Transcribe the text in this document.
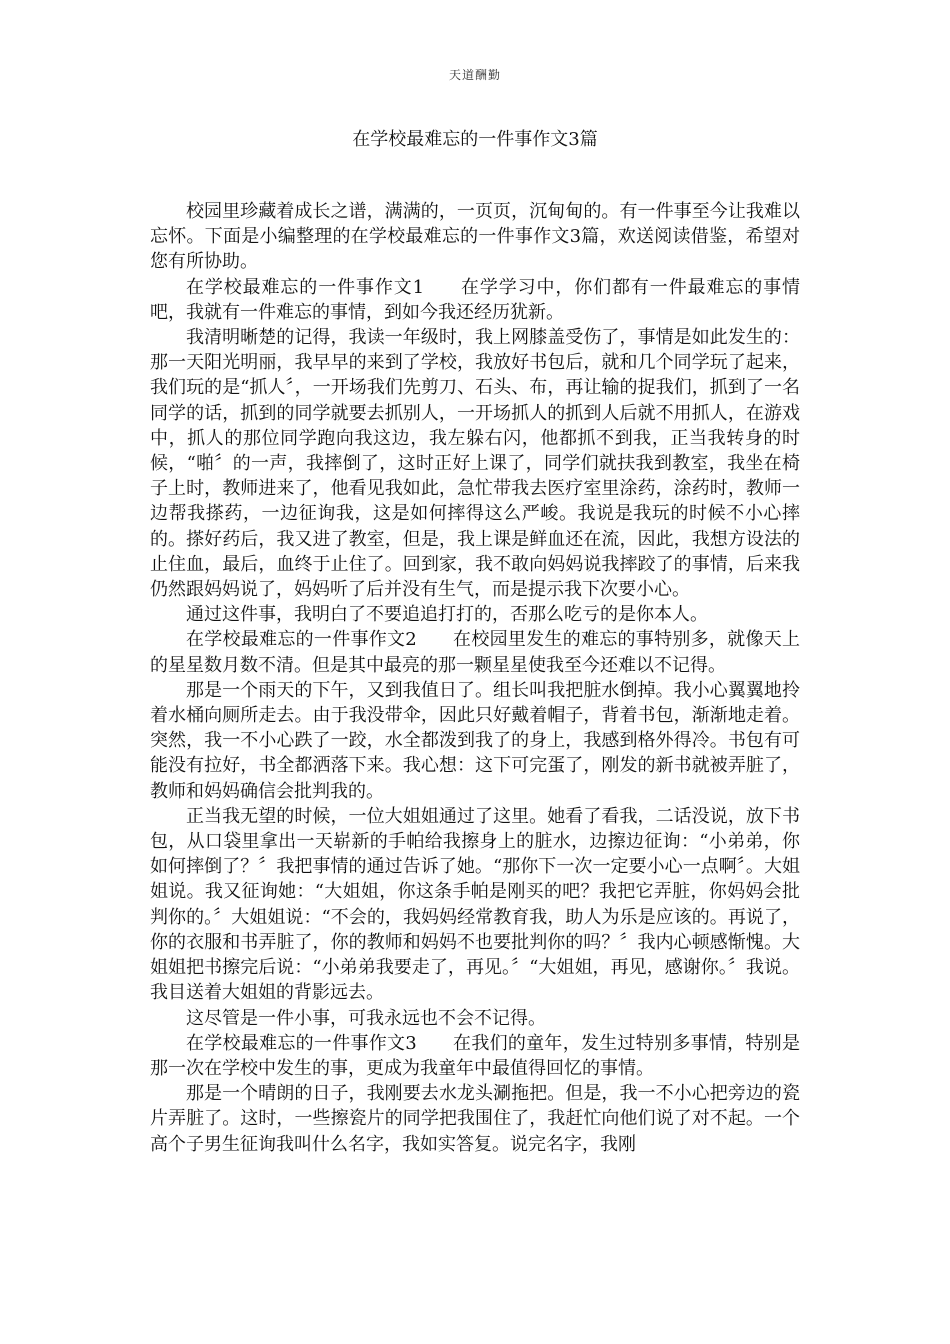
天道酬勤
在学校最难忘的一件事作文3篇

校园里珍藏着成长之谱，满满的，一页页，沉甸甸的。有一件事至今让我难以忘怀。下面是小编整理的在学校最难忘的一件事作文3篇，欢送阅读借鉴，希望对您有所协助。

在学校最难忘的一件事作文1 在学学习中，你们都有一件最难忘的事情吧，我就有一件难忘的事情，到如今我还经历犹新。

我清明晰楚的记得，我读一年级时，我上网膝盖受伤了，事情是如此发生的：那一天阳光明丽，我早早的来到了学校，我放好书包后，就和几个同学玩了起来，我们玩的是“抓人〞，一开场我们先剪刀、石头、布，再让输的捉我们，抓到了一名同学的话，抓到的同学就要去抓别人，一开场抓人的抓到人后就不用抓人，在游戏中，抓人的那位同学跑向我这边，我左躲右闪，他都抓不到我，正当我转身的时候，“啪〞的一声，我摔倒了，这时正好上课了，同学们就扶我到教室，我坐在椅子上时，教师进来了，他看见我如此，急忙带我去医疗室里涂药，涂药时，教师一边帮我搽药，一边征询我，这是如何摔得这么严峻。我说是我玩的时候不小心摔的。搽好药后，我又进了教室，但是，我上课是鲜血还在流，因此，我想方设法的止住血，最后，血终于止住了。回到家，我不敢向妈妈说我摔跤了的事情，后来我仍然跟妈妈说了，妈妈听了后并没有生气，而是提示我下次要小心。

通过这件事，我明白了不要追追打打的，否那么吃亏的是你本人。

在学校最难忘的一件事作文2 在校园里发生的难忘的事特别多，就像天上的星星数月数不清。但是其中最亮的那一颗星星使我至今还难以不记得。

那是一个雨天的下午，又到我值日了。组长叫我把脏水倒掉。我小心翼翼地拎着水桶向厕所走去。由于我没带伞，因此只好戴着帽子，背着书包，渐渐地走着。突然，我一不小心跌了一跤，水全都泼到我了的身上，我感到格外得冷。书包有可能没有拉好，书全都洒落下来。我心想：这下可完蛋了，刚发的新书就被弄脏了，教师和妈妈确信会批判我的。

正当我无望的时候，一位大姐姐通过了这里。她看了看我，二话没说，放下书包，从口袋里拿出一天崭新的手帕给我擦身上的脏水，边擦边征询：“小弟弟，你如何摔倒了？〞我把事情的通过告诉了她。“那你下一次一定要小心一点啊〞。大姐姐说。我又征询她：“大姐姐，你这条手帕是刚买的吧？我把它弄脏，你妈妈会批判你的。〞大姐姐说：“不会的，我妈妈经常教育我，助人为乐是应该的。再说了，你的衣服和书弄脏了，你的教师和妈妈不也要批判你的吗？〞我内心顿感惭愧。大姐姐把书擦完后说：“小弟弟我要走了，再见。〞“大姐姐，再见，感谢你。〞我说。我目送着大姐姐的背影远去。

这尽管是一件小事，可我永远也不会不记得。

在学校最难忘的一件事作文3 在我们的童年，发生过特别多事情，特别是那一次在学校中发生的事，更成为我童年中最值得回忆的事情。

那是一个晴朗的日子，我刚要去水龙头涮拖把。但是，我一不小心把旁边的瓷片弄脏了。这时，一些擦瓷片的同学把我围住了，我赶忙向他们说了对不起。一个高个子男生征询我叫什么名字，我如实答复。说完名字，我刚
